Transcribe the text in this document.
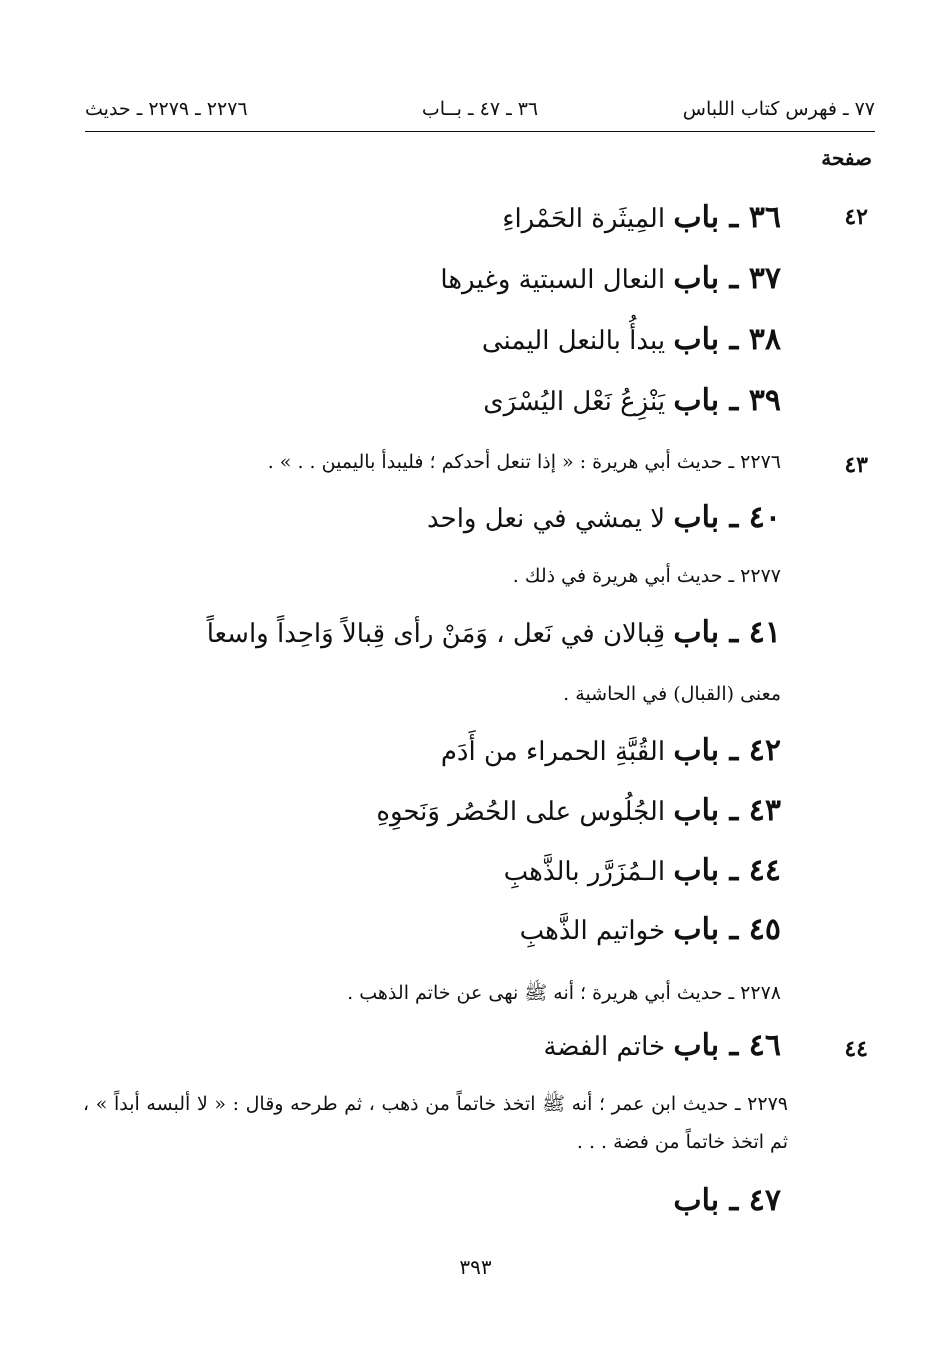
٧٧ ـ فهرس كتاب اللباس
٣٦ ـ ٤٧ ـ بــاب
٢٢٧٦ ـ ٢٢٧٩ ـ حديث
صفحة
٤٢
٣٦ ـ باب المِيثَرة الحَمْراءِ
٣٧ ـ باب النعال السبتية وغيرها
٣٨ ـ باب يبدأُ بالنعل اليمنى
٣٩ ـ باب يَنْزِعُ نَعْل اليُسْرَى
٤٣
٢٢٧٦ ـ حديث أبي هريرة : « إذا تنعل أحدكم ؛ فليبدأ باليمين . . » .
٤٠ ـ باب لا يمشي في نعل واحد
٢٢٧٧ ـ حديث أبي هريرة في ذلك .
٤١ ـ باب قِبالان في نَعل ، وَمَنْ رأى قِبالاً وَاحِداً واسعاً
معنى (القبال) في الحاشية .
٤٢ ـ باب القُبَّةِ الحمراء من أَدَم
٤٣ ـ باب الجُلُوس على الحُصُر وَنَحوِهِ
٤٤ ـ باب الـمُزَرَّر بالذَّهبِ
٤٥ ـ باب خواتيم الذَّهبِ
٢٢٧٨ ـ حديث أبي هريرة ؛ أنه ﷺ نهى عن خاتم الذهب .
٤٤
٤٦ ـ باب خاتم الفضة
٢٢٧٩ ـ حديث ابن عمر ؛ أنه ﷺ اتخذ خاتماً من ذهب ، ثم طرحه وقال : « لا ألبسه أبداً » ، ثم اتخذ خاتماً من فضة . . .
٤٧ ـ باب
٣٩٣
